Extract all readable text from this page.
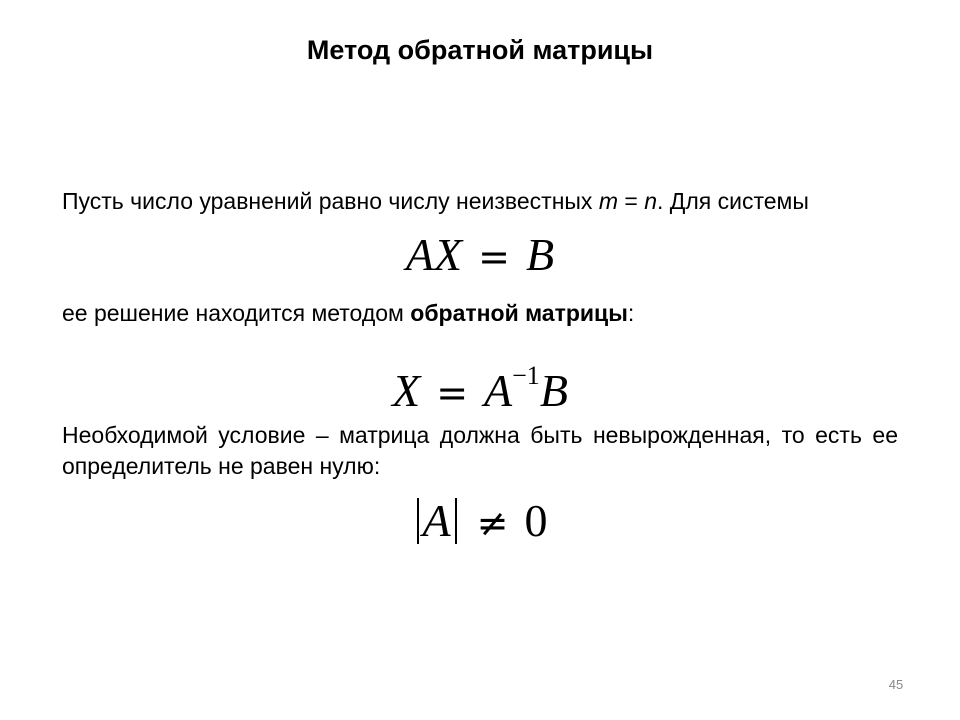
Метод обратной матрицы
Пусть число уравнений равно числу неизвестных m = n. Для системы
AX = B
ее решение находится методом обратной матрицы:
$X = A^{-1}B$
Необходимой условие – матрица должна быть невырожденная, то есть ее определитель не равен нулю:
A ≠ 0
45
